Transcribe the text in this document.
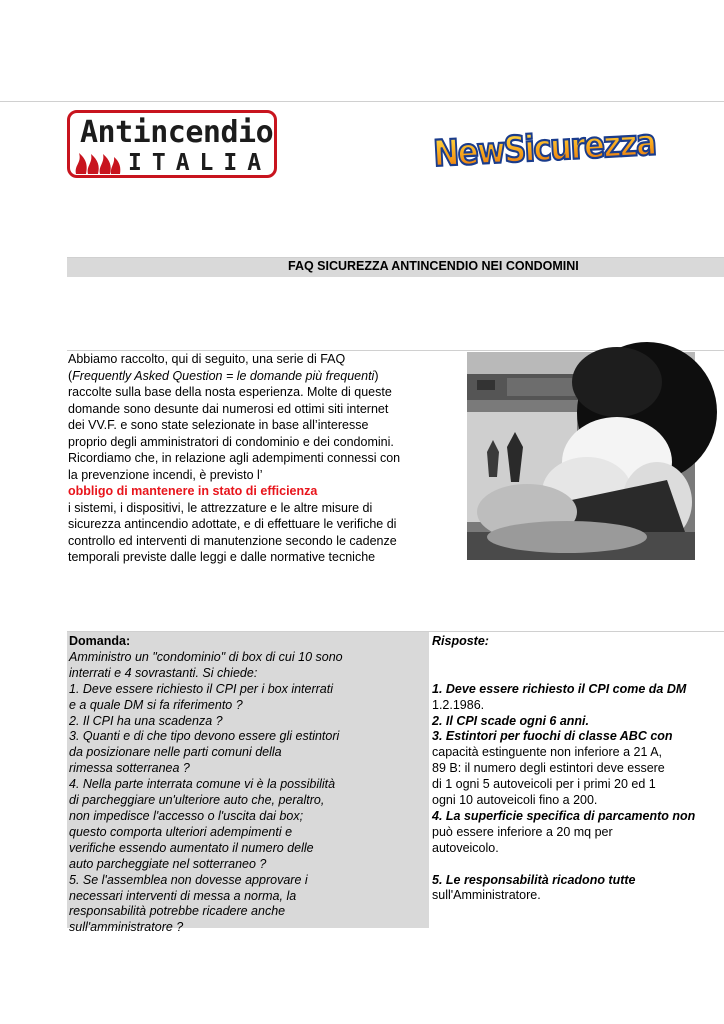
Antincendio
ITALIA	NewSicurezza
FAQ SICUREZZA ANTINCENDIO NEI CONDOMINI
Abbiamo raccolto, qui di seguito, una serie di FAQ
(Frequently Asked Question = le domande più frequenti) raccolte sulla base della nosta esperienza. Molte di queste domande sono desunte dai numerosi ed ottimi siti internet dei VV.F. e sono state selezionate in base all’interesse proprio degli amministratori di condominio e dei condomini. Ricordiamo che, in relazione agli adempimenti connessi con la prevenzione incendi, è previsto l’
obbligo di mantenere in stato di efficienza
i sistemi, i dispositivi, le attrezzature e le altre misure di sicurezza antincendio adottate, e di effettuare le verifiche di controllo ed interventi di manutenzione secondo le cadenze temporali previste dalle leggi e dalle normative tecniche
Domanda:
Amministro un "condominio" di box di cui 10 sono
interrati e 4 sovrastanti. Si chiede:
1. Deve essere richiesto il CPI per i box interrati
e a quale DM si fa riferimento ?
2. Il CPI ha una scadenza ?
3. Quanti e di che tipo devono essere gli estintori
da posizionare nelle parti comuni della
rimessa sotterranea ?
4. Nella parte interrata comune vi è la possibilità
di parcheggiare un'ulteriore auto che, peraltro,
non impedisce l'accesso o l'uscita dai box;
questo comporta ulteriori adempimenti e
verifiche essendo aumentato il numero delle
auto parcheggiate nel sotterraneo ?
5. Se l'assemblea non dovesse approvare i
necessari interventi di messa a norma, la
responsabilità potrebbe ricadere anche
sull'amministratore ?
Risposte:
1. Deve essere richiesto il CPI come da DM
1.2.1986.
2. Il CPI scade ogni 6 anni.
3. Estintori per fuochi di classe ABC con
capacità estinguente non inferiore a 21 A,
89 B: il numero degli estintori deve essere
di 1 ogni 5 autoveicoli per i primi 20 ed 1
ogni 10 autoveicoli fino a 200.
4. La superficie specifica di parcamento non
può essere inferiore a 20 mq per
autoveicolo.
5. Le responsabilità ricadono tutte
sull'Amministratore.
